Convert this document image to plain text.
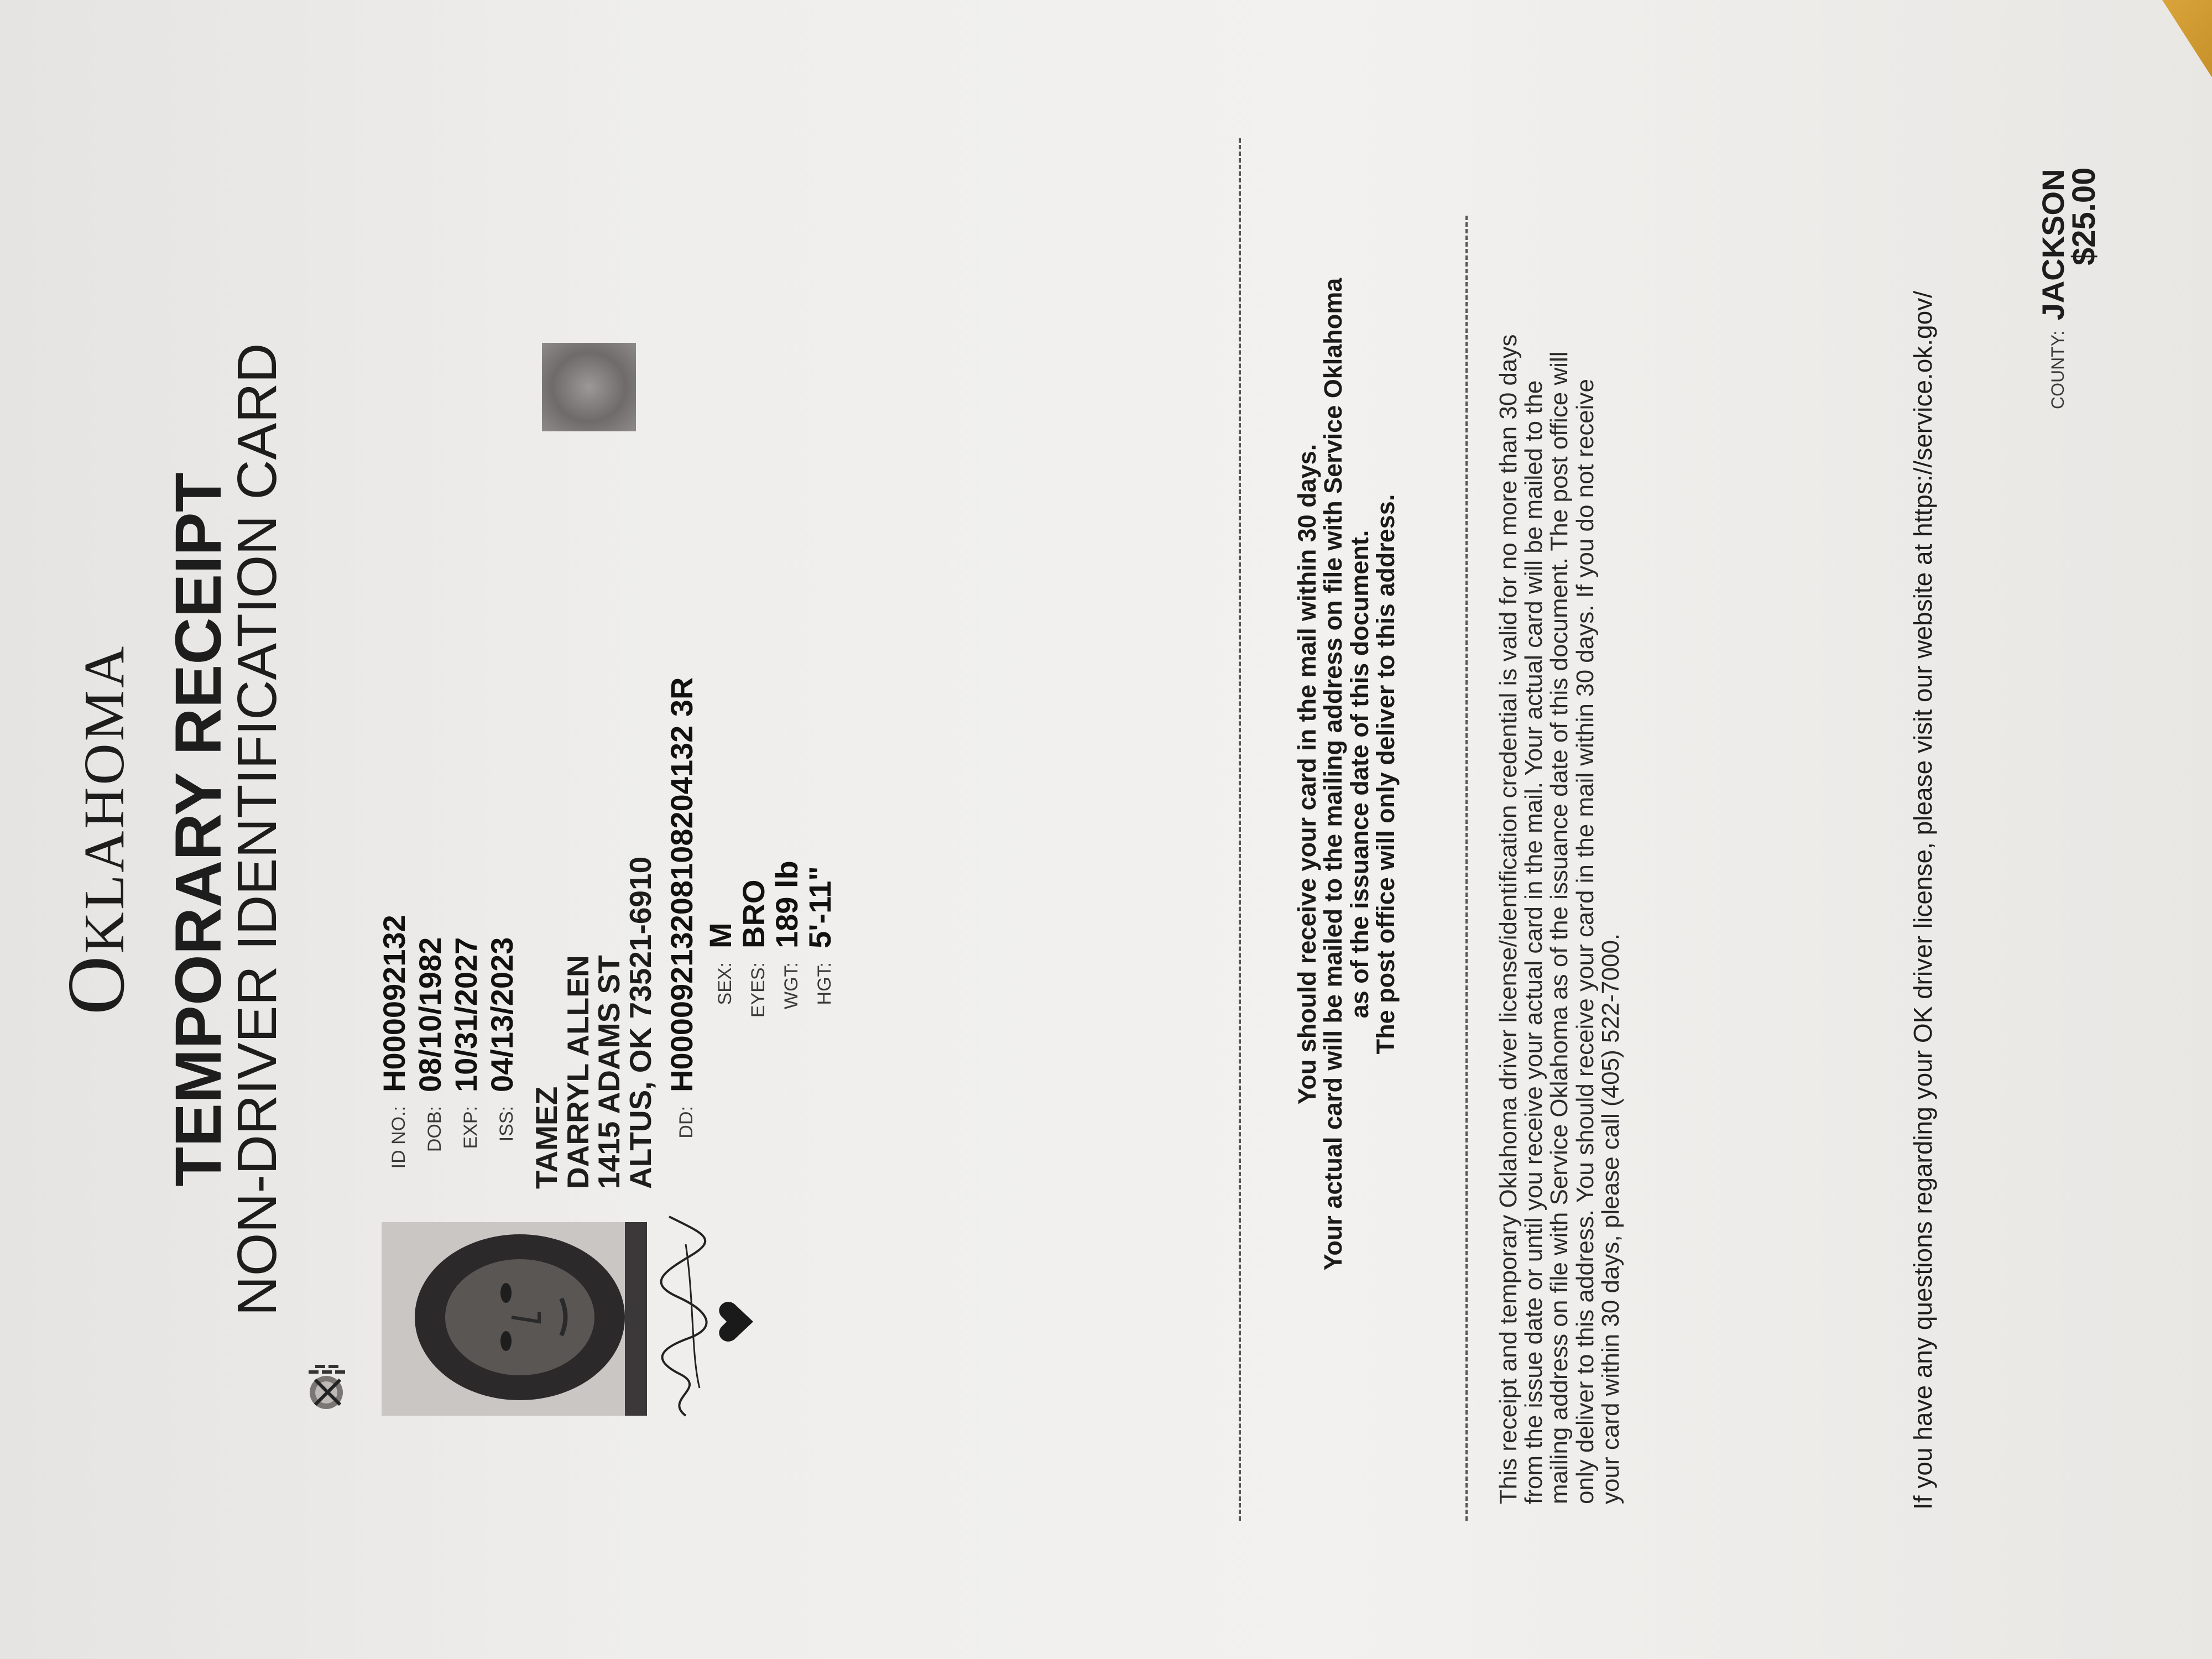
Oklahoma TEMPORARY RECEIPT
NON-DRIVER IDENTIFICATION CARD	ID NO.:
H000092132
DOB:
08/10/1982
EXP:
10/31/2027
ISS:
04/13/2023
TAMEZ
DARRYL ALLEN
1415 ADAMS ST
ALTUS, OK 73521-6910 DD:
H00009213208108204132 3R SEX:
M
EYES:
BRO
WGT:
189 lb
HGT:
5'-11"	You should receive your card in the mail within 30 days.
Your actual card will be mailed to the mailing address on file with Service Oklahoma
as of the issuance date of this document.
The post office will only deliver to this address.	This receipt and temporary Oklahoma driver license/identification credential is valid for no more than 30 days
from the issue date or until you receive your actual card in the mail. Your actual card will be mailed to the
mailing address on file with Service Oklahoma as of the issuance date of this document. The post office will
only deliver to this address. You should receive your card in the mail within 30 days. If you do not receive
your card within 30 days, please call (405) 522-7000.	If you have any questions regarding your OK driver license, please visit our website at https://service.ok.gov/	COUNTY: JACKSON
$25.00
